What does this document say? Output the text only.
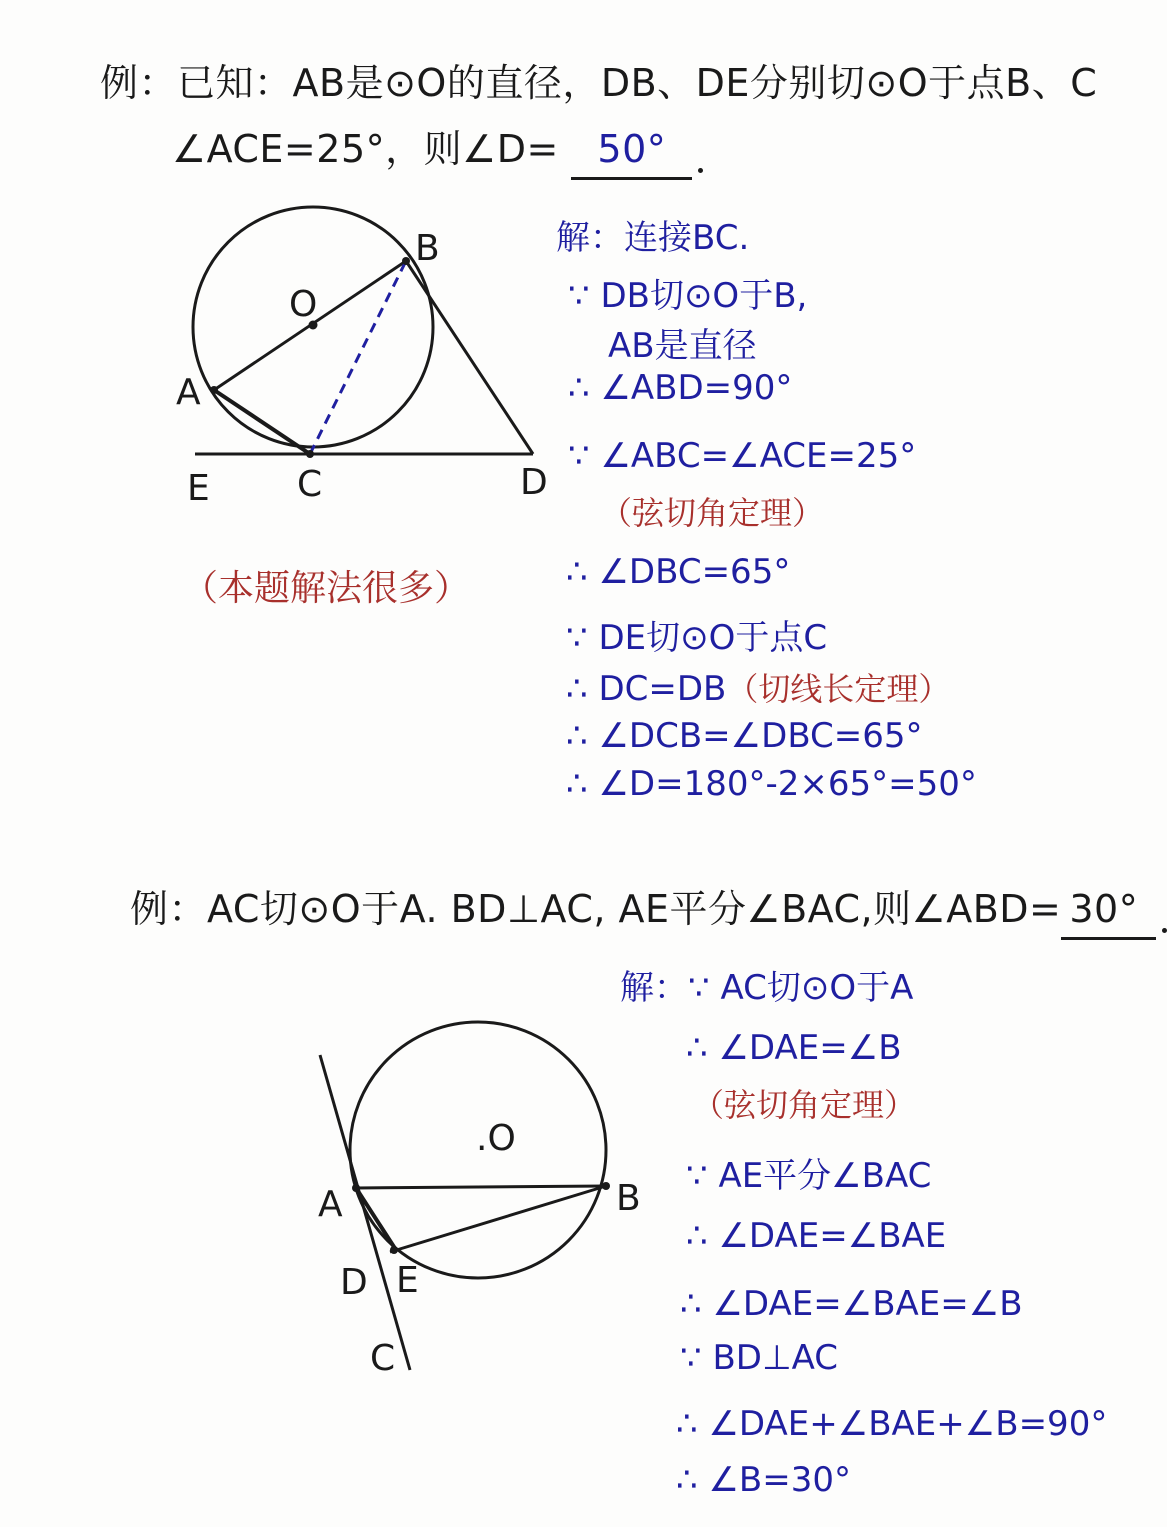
例：已知：AB是⊙O的直径，DB、DE分别切⊙O于点B、C
∠ACE=25°，则∠D= 50°
O
B
A
E C	D
（本题解法很多）
解：连接BC.
∵ DB切⊙O于B,
AB是直径
∴ ∠ABD=90°
∵ ∠ABC=∠ACE=25°
（弦切角定理）
∴ ∠DBC=65°
∵ DE切⊙O于点C
∴ DC=DB（切线长定理）
∴ ∠DCB=∠DBC=65°
∴ ∠D=180°-2×65°=50°
例：AC切⊙O于A. BD⊥AC, AE平分∠BAC,则∠ABD= 30°
.O
A	B
D E
C
解：∵ AC切⊙O于A
∴ ∠DAE=∠B
（弦切角定理）
∵ AE平分∠BAC
∴ ∠DAE=∠BAE
∴ ∠DAE=∠BAE=∠B
∵ BD⊥AC
∴ ∠DAE+∠BAE+∠B=90°
∴ ∠B=30°
